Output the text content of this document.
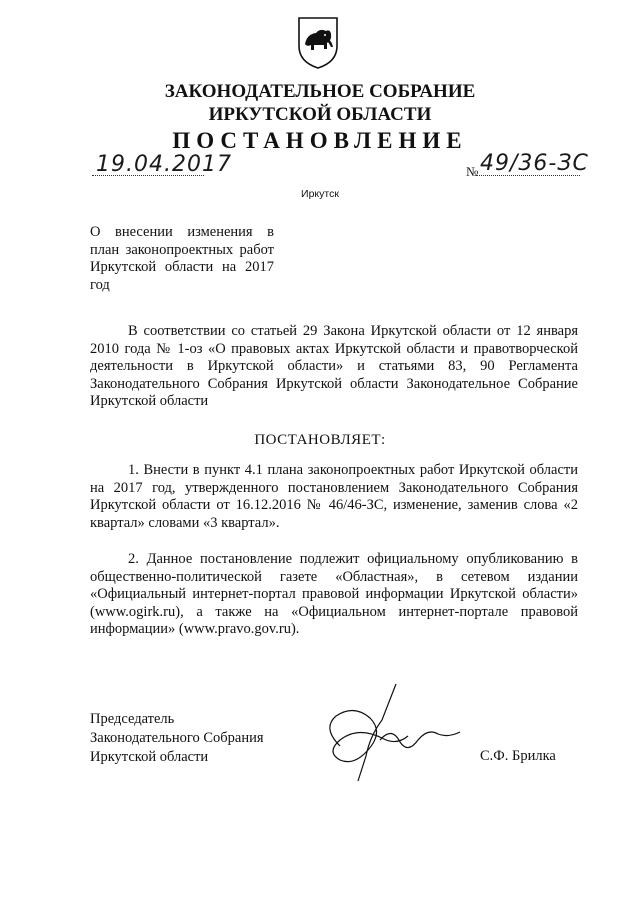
ЗАКОНОДАТЕЛЬНОЕ СОБРАНИЕ
ИРКУТСКОЙ ОБЛАСТИ
ПОСТАНОВЛЕНИЕ
19.04.2017	№ 49/36-ЗС
Иркутск
О внесении изменения в план законопроектных работ Иркутской области на 2017 год
В соответствии со статьей 29 Закона Иркутской области от 12 января 2010 года № 1-оз «О правовых актах Иркутской области и правотворческой деятельности в Иркутской области» и статьями 83, 90 Регламента Законодательного Собрания Иркутской области Законодательное Собрание Иркутской области
ПОСТАНОВЛЯЕТ:
1. Внести в пункт 4.1 плана законопроектных работ Иркутской области на 2017 год, утвержденного постановлением Законодательного Собрания Иркутской области от 16.12.2016 № 46/46-ЗС, изменение, заменив слова «2 квартал» словами «3 квартал».
2. Данное постановление подлежит официальному опубликованию в общественно-политической газете «Областная», в сетевом издании «Официальный интернет-портал правовой информации Иркутской области» (www.ogirk.ru), а также на «Официальном интернет-портале правовой информации» (www.pravo.gov.ru).
Председатель
Законодательного Собрания
Иркутской области	С.Ф. Брилка
